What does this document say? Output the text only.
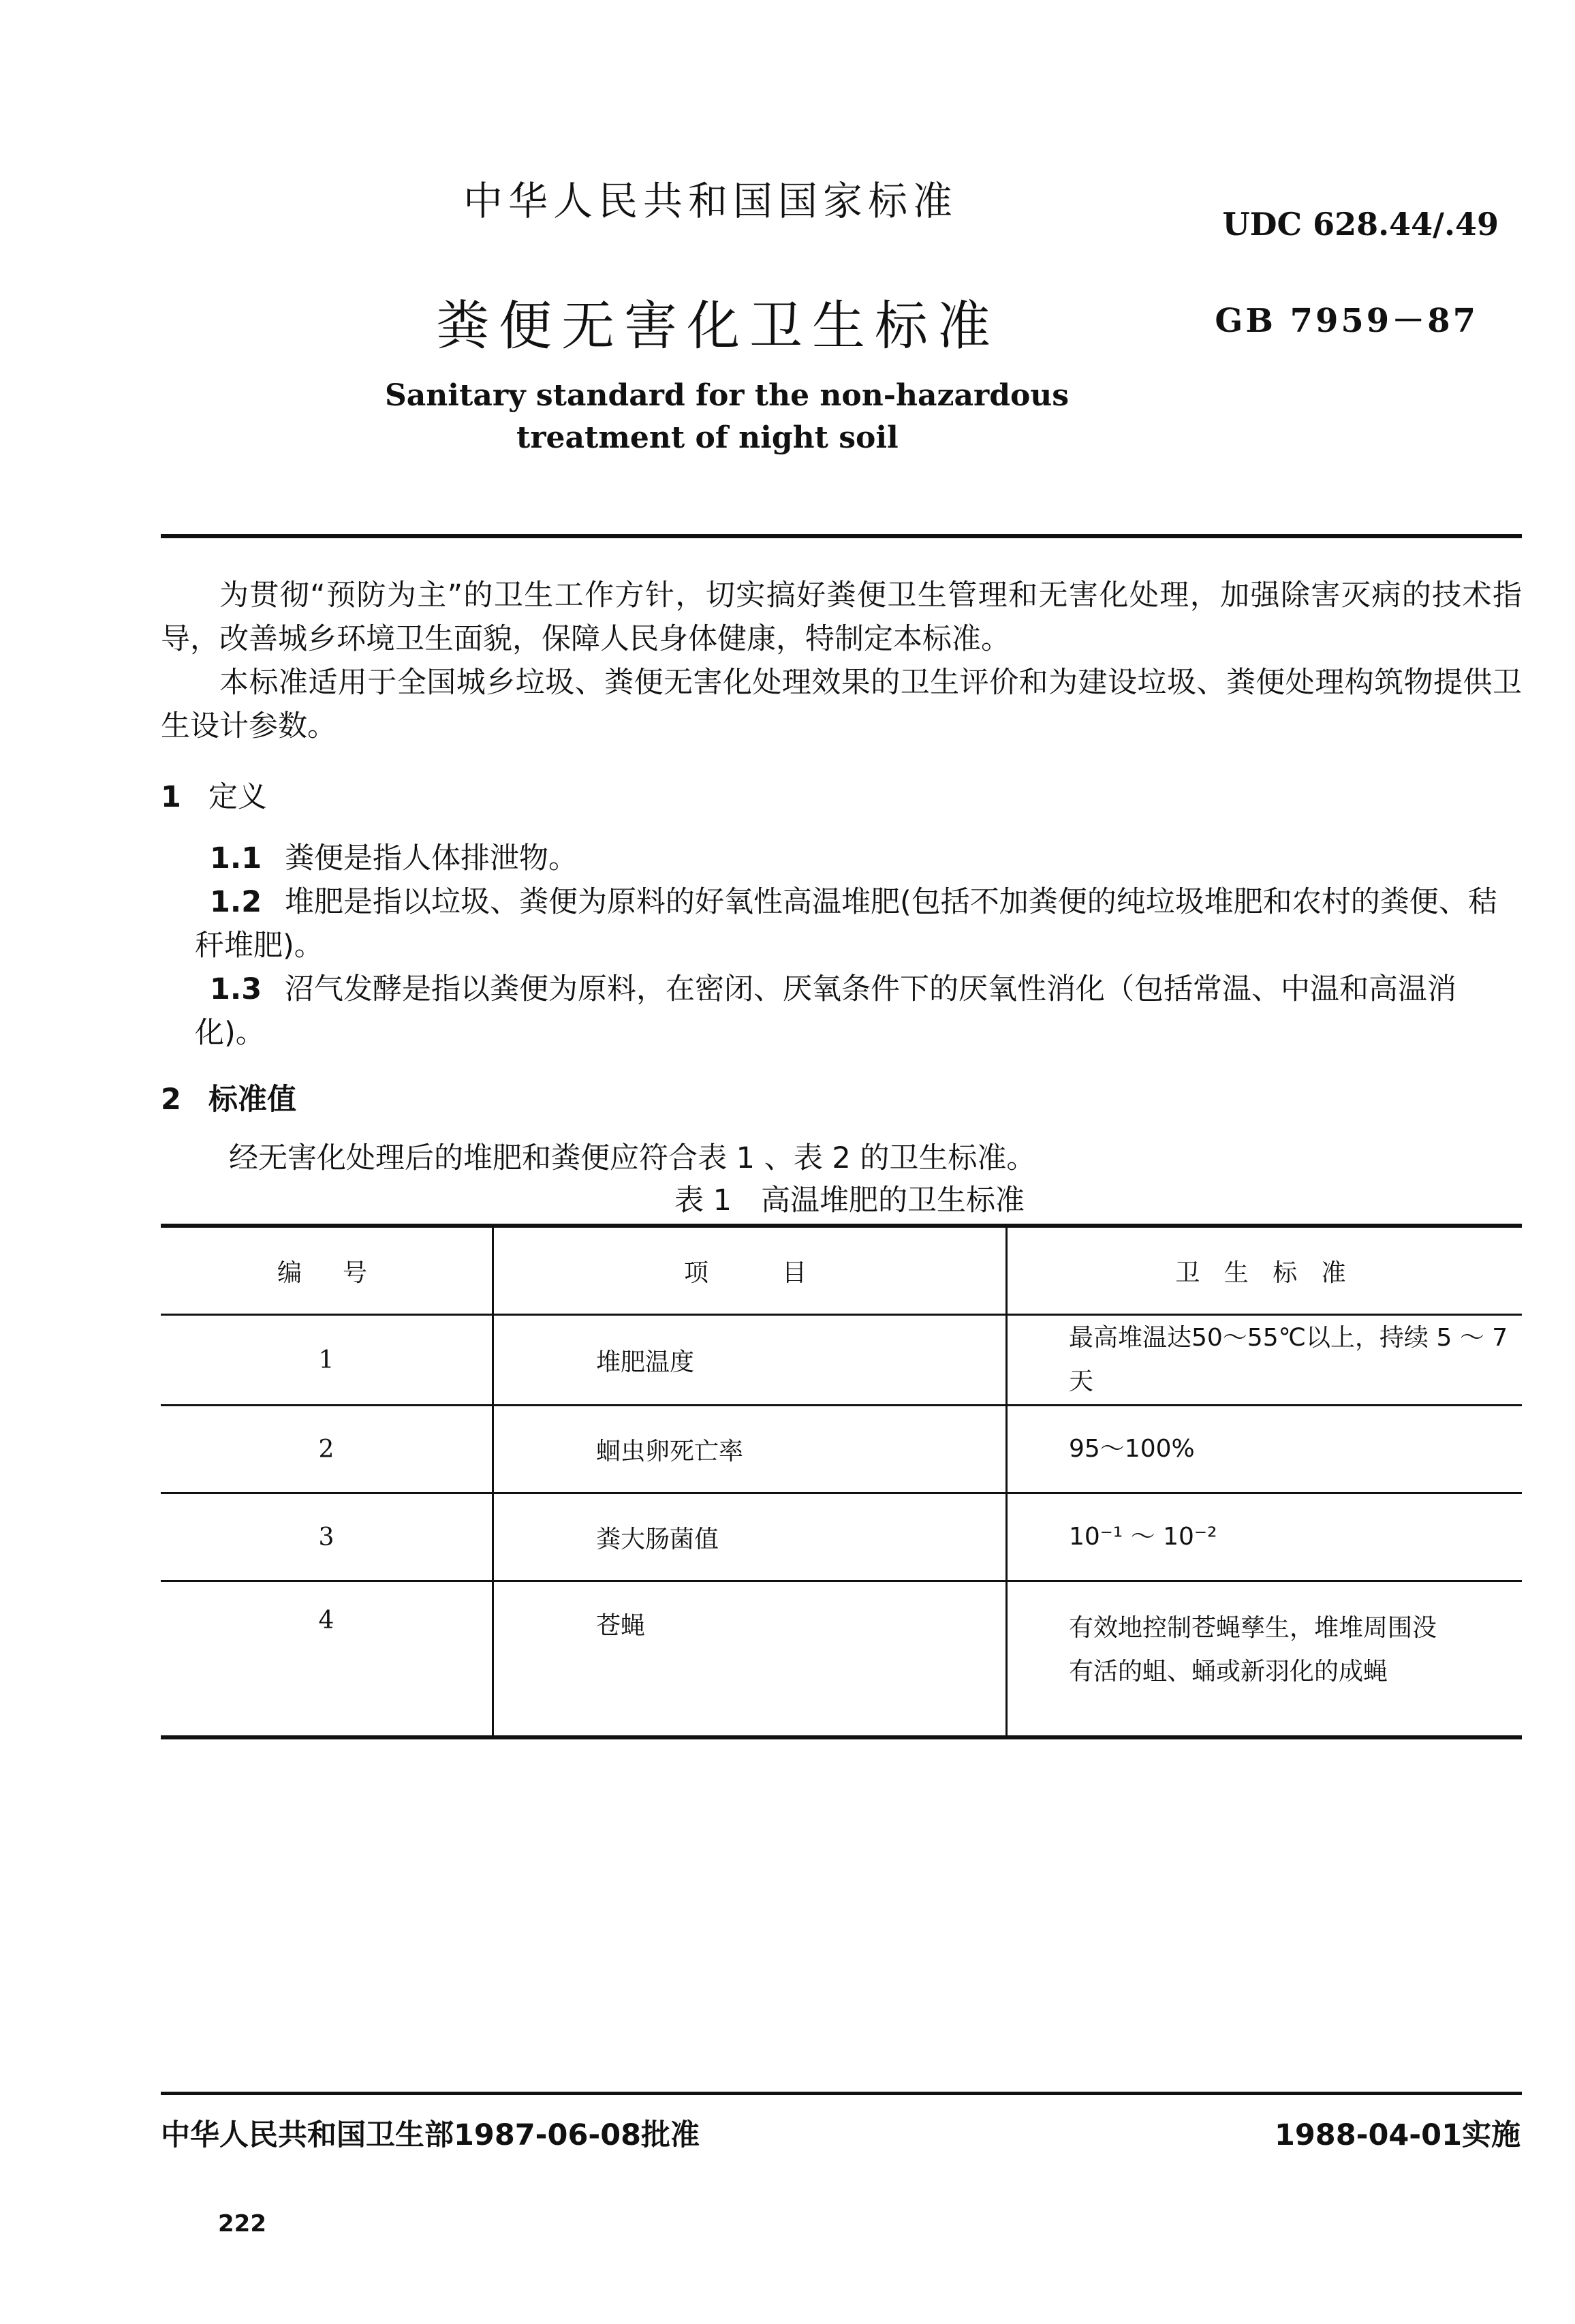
中华人民共和国国家标准	UDC 628.44/.49
粪便无害化卫生标准	GB 7959－87
Sanitary standard for the non-hazardous
treatment of night soil
为贯彻“预防为主”的卫生工作方针，切实搞好粪便卫生管理和无害化处理，加强除害灭病的技术指导，改善城乡环境卫生面貌，保障人民身体健康，特制定本标准。
本标准适用于全国城乡垃圾、粪便无害化处理效果的卫生评价和为建设垃圾、粪便处理构筑物提供卫生设计参数。
1 定义
1.1 粪便是指人体排泄物。
1.2 堆肥是指以垃圾、粪便为原料的好氧性高温堆肥(包括不加粪便的纯垃圾堆肥和农村的粪便、秸秆堆肥)。
1.3 沼气发酵是指以粪便为原料，在密闭、厌氧条件下的厌氧性消化（包括常温、中温和高温消化)。
2 标准值
经无害化处理后的堆肥和粪便应符合表 1 、表 2 的卫生标准。
表 1　高温堆肥的卫生标准
编　号	项　　目	卫 生 标 准
1	堆肥温度	最高堆温达50～55℃以上，持续 5 ～ 7 天
2	蛔虫卵死亡率	95～100%
3	粪大肠菌值	10⁻¹ ～ 10⁻²
4	苍蝇	有效地控制苍蝇孳生，堆堆周围没有活的蛆、蛹或新羽化的成蝇
中华人民共和国卫生部1987-06-08批准	1988-04-01实施
222
